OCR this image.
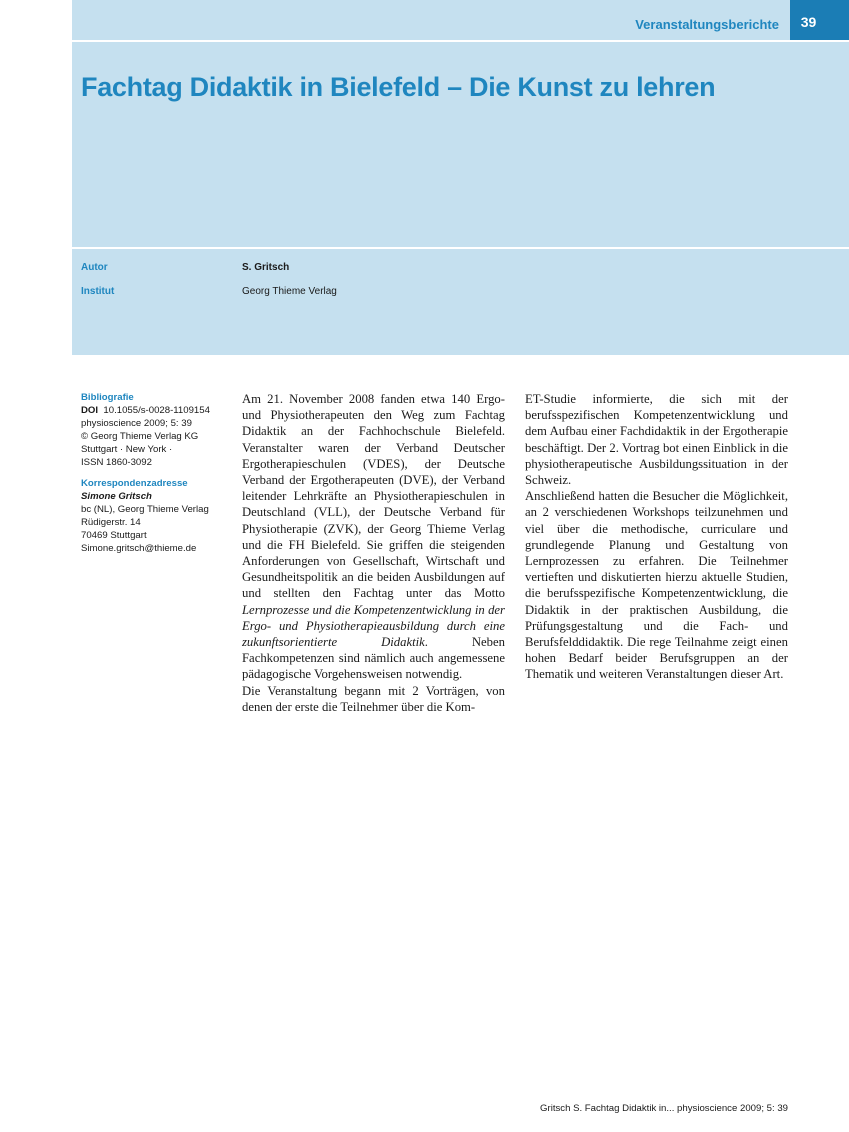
Veranstaltungsberichte	39
Fachtag Didaktik in Bielefeld – Die Kunst zu lehren
Autor	S. Gritsch
Institut	Georg Thieme Verlag
Bibliografie
DOI 10.1055/s-0028-1109154
physioscience 2009; 5: 39
© Georg Thieme Verlag KG
Stuttgart · New York ·
ISSN 1860-3092
Korrespondenzadresse
Simone Gritsch
bc (NL), Georg Thieme Verlag
Rüdigerstr. 14
70469 Stuttgart
Simone.gritsch@thieme.de

Am 21. November 2008 fanden etwa 140 Ergo- und Physiotherapeuten den Weg zum Fachtag Didaktik an der Fachhochschule Bielefeld. Veranstalter waren der Verband Deutscher Ergotherapieschulen (VDES), der Deutsche Verband der Ergotherapeuten (DVE), der Verband leitender Lehrkräfte an Physiotherapieschulen in Deutschland (VLL), der Deutsche Verband für Physiotherapie (ZVK), der Georg Thieme Verlag und die FH Bielefeld. Sie griffen die steigenden Anforderungen von Gesellschaft, Wirtschaft und Gesundheitspolitik an die beiden Ausbildungen auf und stellten den Fachtag unter das Motto Lernprozesse und die Kompetenzentwicklung in der Ergo- und Physiotherapieausbildung durch eine zukunftsorientierte Didaktik. Neben Fachkompetenzen sind nämlich auch angemessene pädagogische Vorgehensweisen notwendig.

Die Veranstaltung begann mit 2 Vorträgen, von denen der erste die Teilnehmer über die Kom-

ET-Studie informierte, die sich mit der berufsspezifischen Kompetenzentwicklung und dem Aufbau einer Fachdidaktik in der Ergotherapie beschäftigt. Der 2. Vortrag bot einen Einblick in die physiotherapeutische Ausbildungssituation in der Schweiz.

Anschließend hatten die Besucher die Möglichkeit, an 2 verschiedenen Workshops teilzunehmen und viel über die methodische, curriculare und grundlegende Planung und Gestaltung von Lernprozessen zu erfahren. Die Teilnehmer vertieften und diskutierten hierzu aktuelle Studien, die berufsspezifische Kompetenzentwicklung, die Didaktik in der praktischen Ausbildung, die Prüfungsgestaltung und die Fach- und Berufsfelddidaktik. Die rege Teilnahme zeigt einen hohen Bedarf beider Berufsgruppen an der Thematik und weiteren Veranstaltungen dieser Art.

Gritsch S. Fachtag Didaktik in... physioscience 2009; 5: 39
